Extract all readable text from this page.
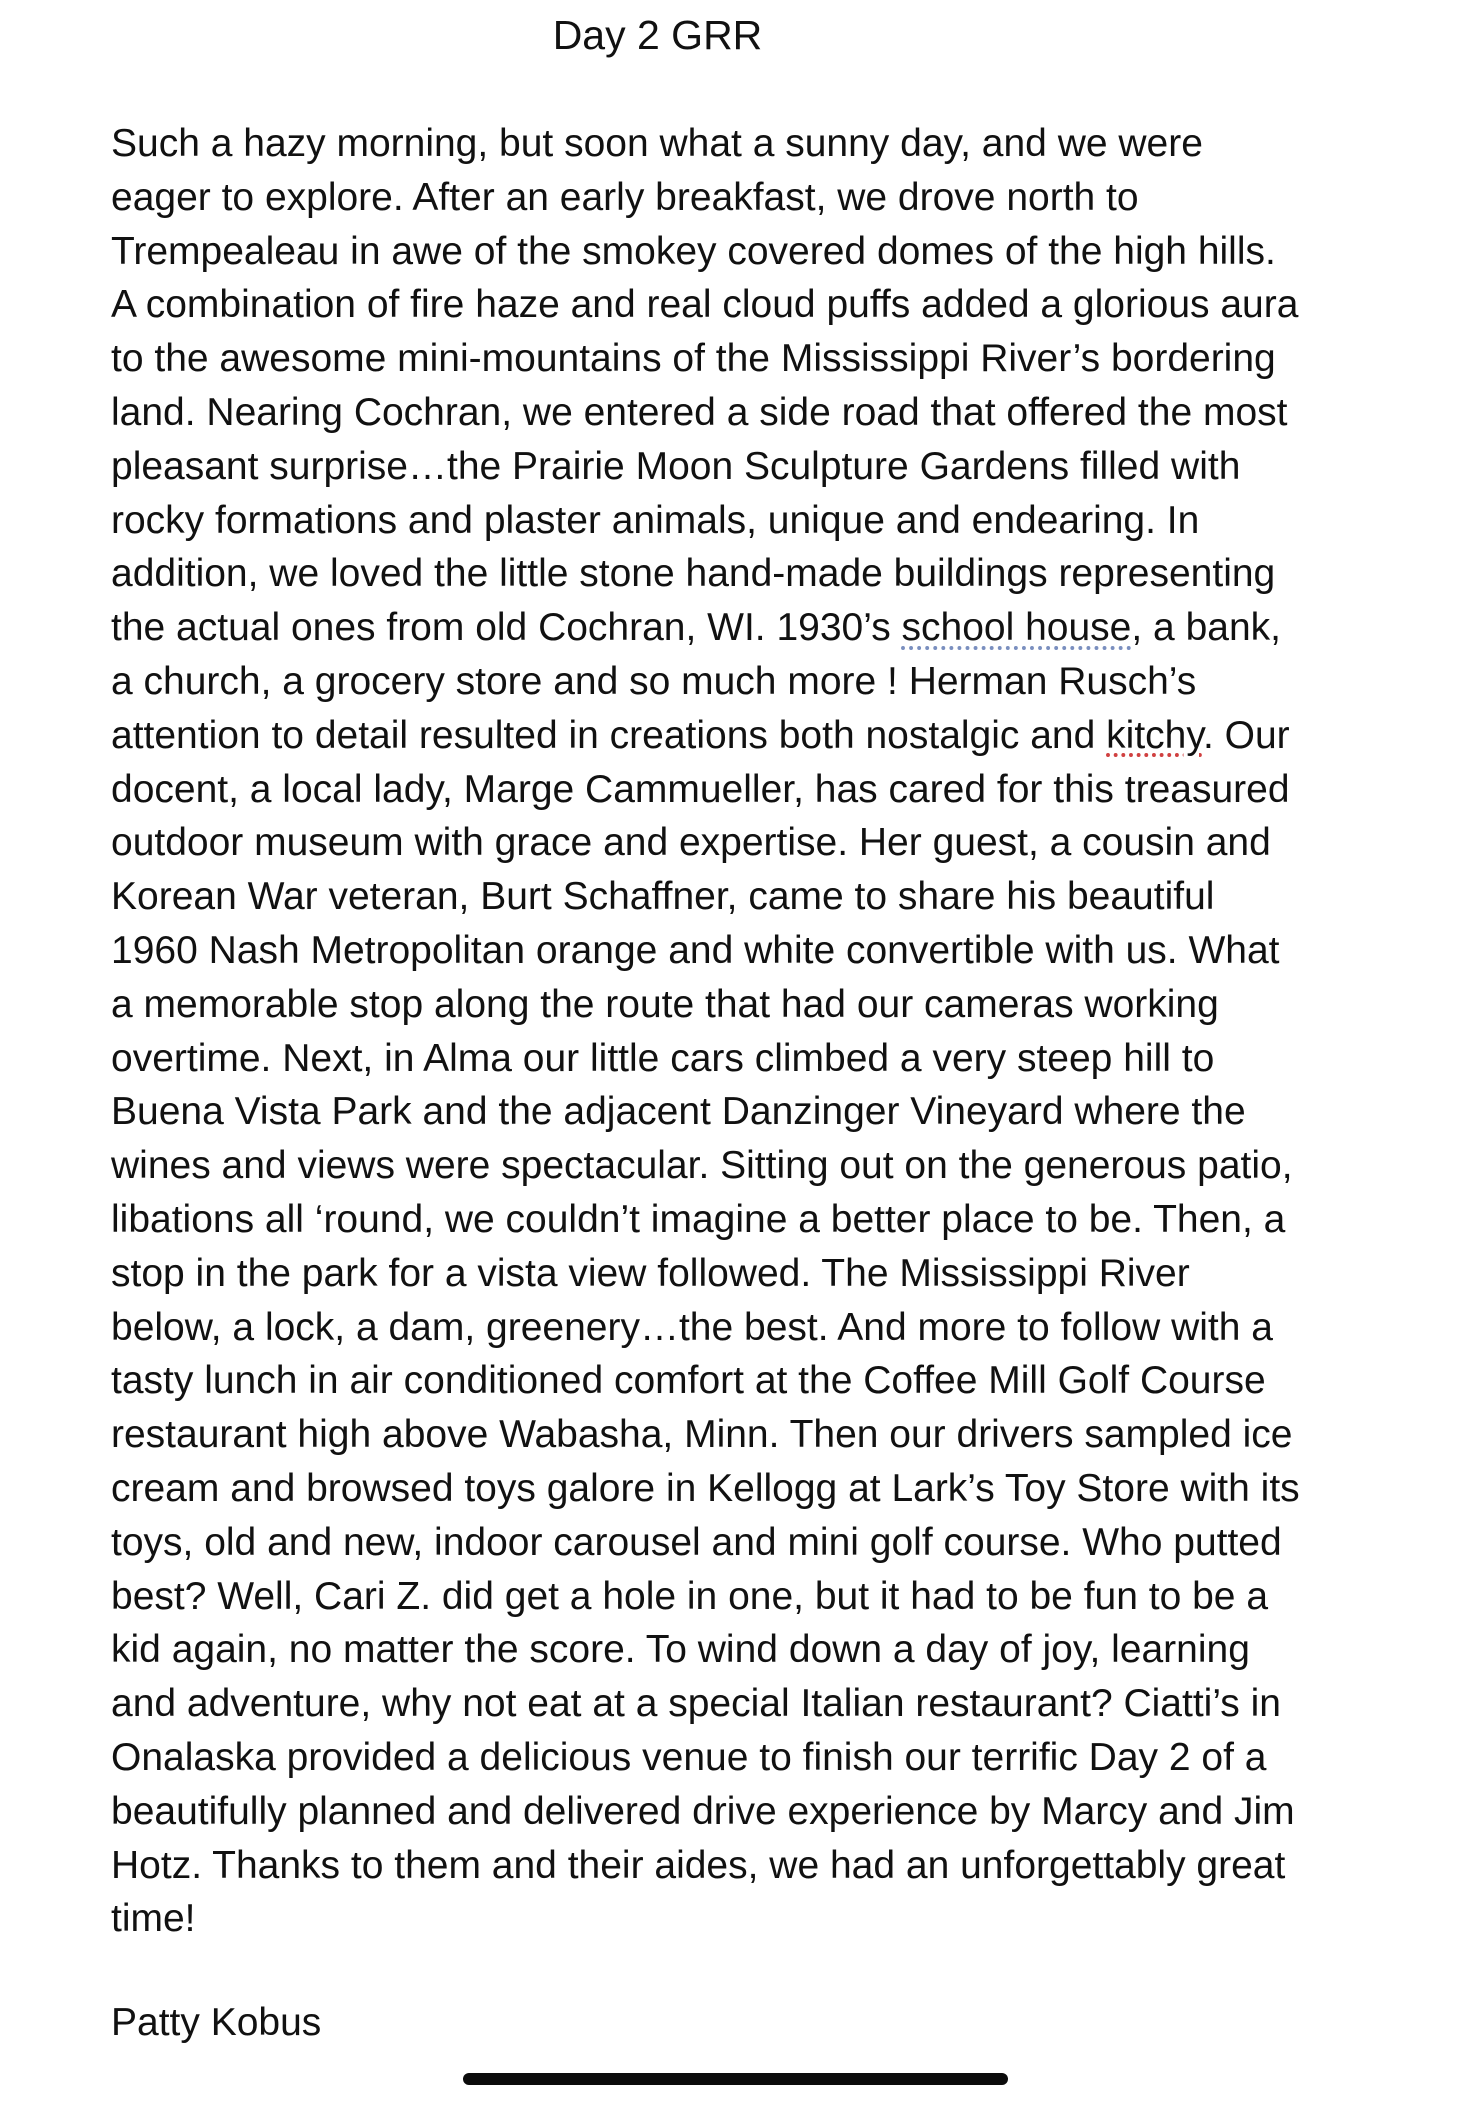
Day 2 GRR
Such a hazy morning, but soon what a sunny day, and we were
eager to explore. After an early breakfast, we drove north to
Trempealeau in awe of the smokey covered domes of the high hills.
A combination of fire haze and real cloud puffs added a glorious aura
to the awesome mini-mountains of the Mississippi River’s bordering
land. Nearing Cochran, we entered a side road that offered the most
pleasant surprise…the Prairie Moon Sculpture Gardens filled with
rocky formations and plaster animals, unique and endearing. In
addition, we loved the little stone hand-made buildings representing
the actual ones from old Cochran, WI. 1930’s school house, a bank,
a church, a grocery store and so much more ! Herman Rusch’s
attention to detail resulted in creations both nostalgic and kitchy. Our
docent, a local lady, Marge Cammueller, has cared for this treasured
outdoor museum with grace and expertise. Her guest, a cousin and
Korean War veteran, Burt Schaffner, came to share his beautiful
1960 Nash Metropolitan orange and white convertible with us. What
a memorable stop along the route that had our cameras working
overtime. Next, in Alma our little cars climbed a very steep hill to
Buena Vista Park and the adjacent Danzinger Vineyard where the
wines and views were spectacular. Sitting out on the generous patio,
libations all ‘round, we couldn’t imagine a better place to be. Then, a
stop in the park for a vista view followed. The Mississippi River
below, a lock, a dam, greenery…the best. And more to follow with a
tasty lunch in air conditioned comfort at the Coffee Mill Golf Course
restaurant high above Wabasha, Minn. Then our drivers sampled ice
cream and browsed toys galore in Kellogg at Lark’s Toy Store with its
toys, old and new, indoor carousel and mini golf course. Who putted
best? Well, Cari Z. did get a hole in one, but it had to be fun to be a
kid again, no matter the score. To wind down a day of joy, learning
and adventure, why not eat at a special Italian restaurant? Ciatti’s in
Onalaska provided a delicious venue to finish our terrific Day 2 of a
beautifully planned and delivered drive experience by Marcy and Jim
Hotz. Thanks to them and their aides, we had an unforgettably great
time!
Patty Kobus
